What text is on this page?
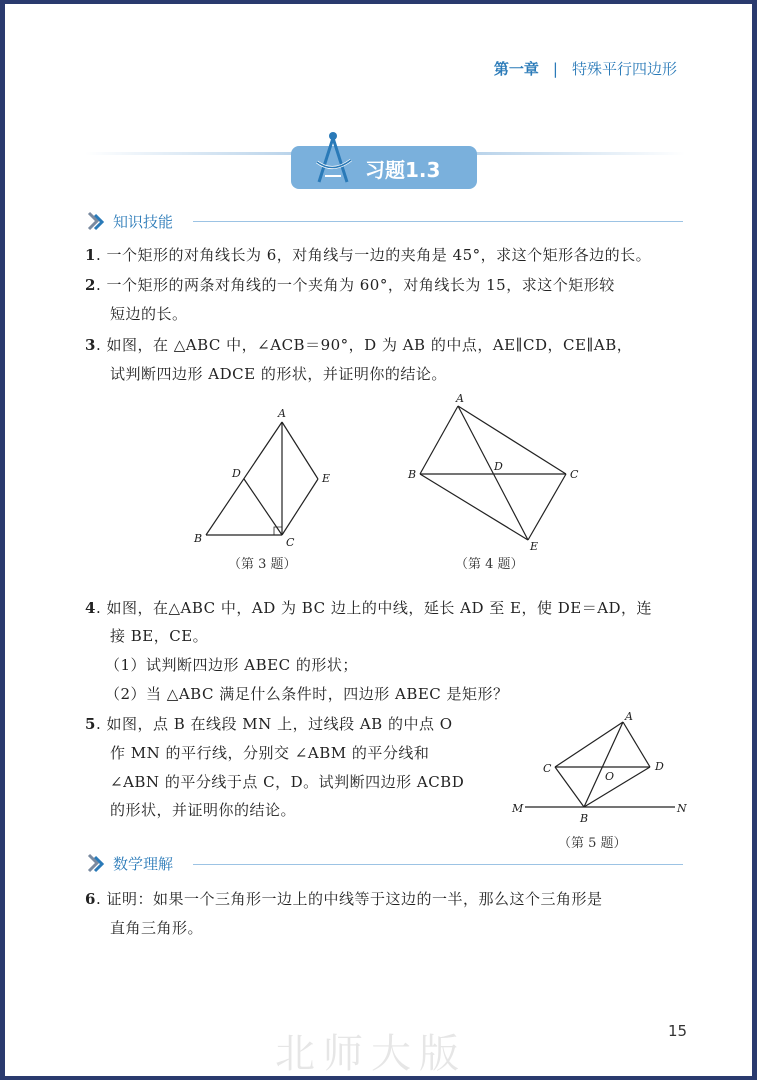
第一章 | 特殊平行四边形
习题1.3
知识技能
1. 一个矩形的对角线长为 6，对角线与一边的夹角是 45°，求这个矩形各边的长。
2. 一个矩形的两条对角线的一个夹角为 60°，对角线长为 15，求这个矩形较
短边的长。
3. 如图，在 △ABC 中，∠ACB＝90°，D 为 AB 的中点，AE∥CD，CE∥AB，
试判断四边形 ADCE 的形状，并证明你的结论。
A
D	E
B	C
（第 3 题）
A
B
D
C
E
（第 4 题）
4. 如图，在△ABC 中，AD 为 BC 边上的中线，延长 AD 至 E，使 DE＝AD，连
接 BE，CE。
（1）试判断四边形 ABEC 的形状；
（2）当 △ABC 满足什么条件时，四边形 ABEC 是矩形？
5. 如图，点 B 在线段 MN 上，过线段 AB 的中点 O
作 MN 的平行线，分别交 ∠ABM 的平分线和
∠ABN 的平分线于点 C，D。试判断四边形 ACBD
的形状，并证明你的结论。
A
C
O
D
M
B
N
（第 5 题）
数学理解
6. 证明：如果一个三角形一边上的中线等于这边的一半，那么这个三角形是
直角三角形。
北师大版	15
